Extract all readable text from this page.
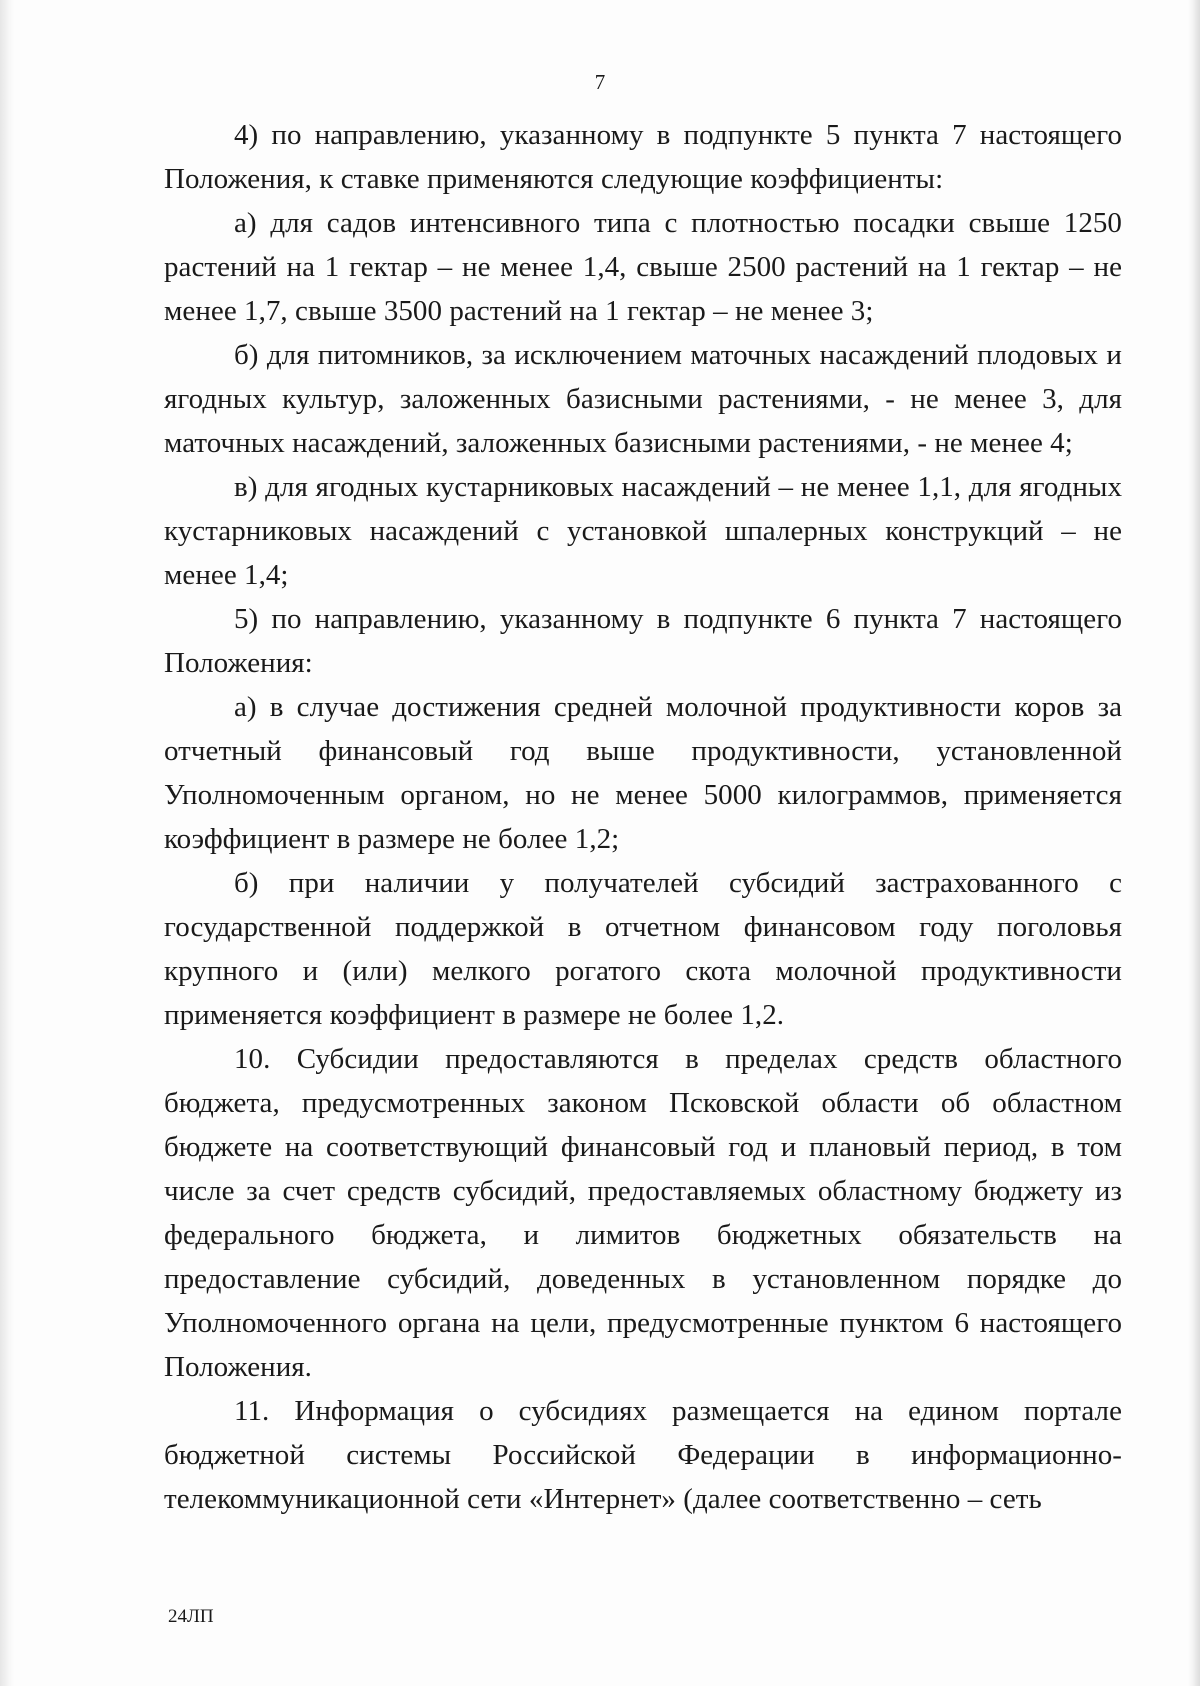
7

4) по направлению, указанному в подпункте 5 пункта 7 настоящего Положения, к ставке применяются следующие коэффициенты:

а) для садов интенсивного типа с плотностью посадки свыше 1250 растений на 1 гектар – не менее 1,4, свыше 2500 растений на 1 гектар – не менее 1,7, свыше 3500 растений на 1 гектар – не менее 3;

б) для питомников, за исключением маточных насаждений плодовых и ягодных культур, заложенных базисными растениями, - не менее 3, для маточных насаждений, заложенных базисными растениями, - не менее 4;

в) для ягодных кустарниковых насаждений – не менее 1,1, для ягодных кустарниковых насаждений с установкой шпалерных конструкций – не менее 1,4;

5) по направлению, указанному в подпункте 6 пункта 7 настоящего Положения:

а) в случае достижения средней молочной продуктивности коров за отчетный финансовый год выше продуктивности, установленной Уполномоченным органом, но не менее 5000 килограммов, применяется коэффициент в размере не более 1,2;

б) при наличии у получателей субсидий застрахованного с государственной поддержкой в отчетном финансовом году поголовья крупного и (или) мелкого рогатого скота молочной продуктивности применяется коэффициент в размере не более 1,2.

10. Субсидии предоставляются в пределах средств областного бюджета, предусмотренных законом Псковской области об областном бюджете на соответствующий финансовый год и плановый период, в том числе за счет средств субсидий, предоставляемых областному бюджету из федерального бюджета, и лимитов бюджетных обязательств на предоставление субсидий, доведенных в установленном порядке до Уполномоченного органа на цели, предусмотренные пунктом 6 настоящего Положения.

11. Информация о субсидиях размещается на едином портале бюджетной системы Российской Федерации в информационно-телекоммуникационной сети «Интернет» (далее соответственно – сеть

24ЛП
